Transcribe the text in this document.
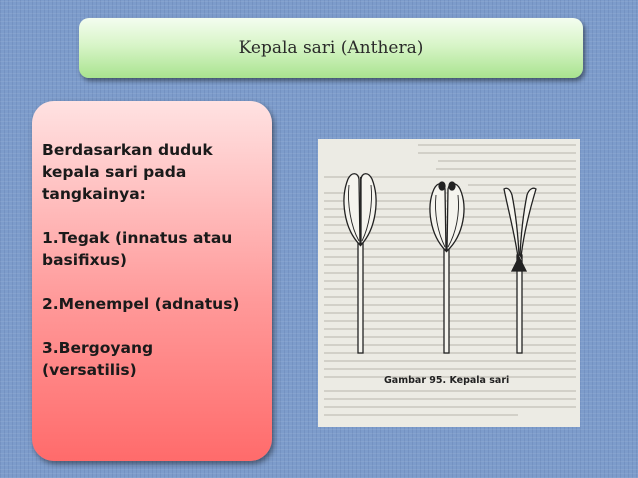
Kepala sari (Anthera)
Berdasarkan duduk
kepala sari pada
tangkainya:
1.Tegak (innatus atau
basifixus)
2.Menempel (adnatus)
3.Bergoyang
(versatilis)
Gambar 95. Kepala sari
